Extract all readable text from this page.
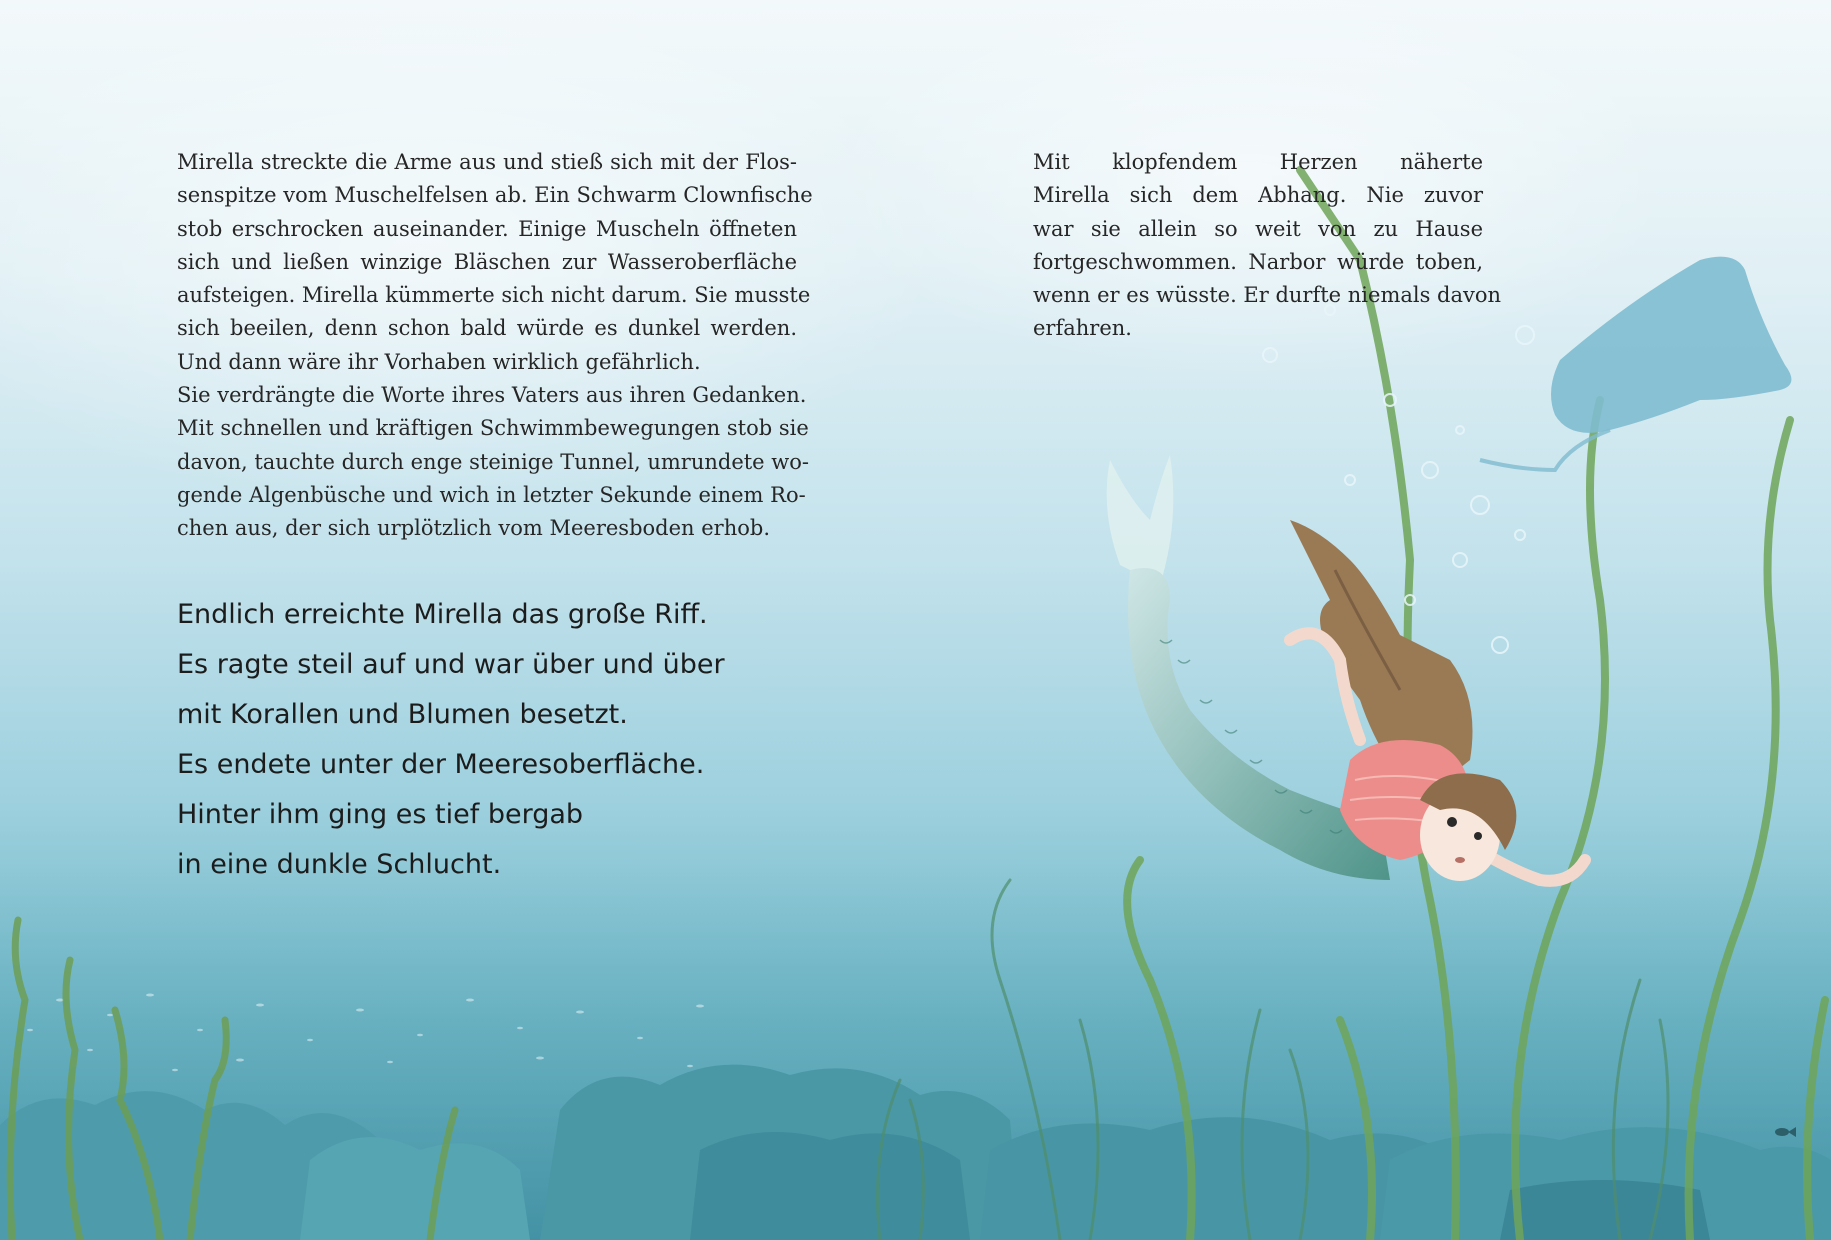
Mirella streckte die Arme aus und stieß sich mit der Flos-
senspitze vom Muschelfelsen ab. Ein Schwarm Clownfische
stob erschrocken auseinander. Einige Muscheln öffneten
sich und ließen winzige Bläschen zur Wasseroberfläche
aufsteigen. Mirella kümmerte sich nicht darum. Sie musste
sich beeilen, denn schon bald würde es dunkel werden.
Und dann wäre ihr Vorhaben wirklich gefährlich.
Sie verdrängte die Worte ihres Vaters aus ihren Gedanken.
Mit schnellen und kräftigen Schwimmbewegungen stob sie
davon, tauchte durch enge steinige Tunnel, umrundete wo-
gende Algenbüsche und wich in letzter Sekunde einem Ro-
chen aus, der sich urplötzlich vom Meeresboden erhob.
Endlich erreichte Mirella das große Riff.
Es ragte steil auf und war über und über
mit Korallen und Blumen besetzt.
Es endete unter der Meeresoberfläche.
Hinter ihm ging es tief bergab
in eine dunkle Schlucht.
Mit klopfendem Herzen näherte
Mirella sich dem Abhang. Nie zuvor
war sie allein so weit von zu Hause
fortgeschwommen. Narbor würde toben,
wenn er es wüsste. Er durfte niemals davon
erfahren.
